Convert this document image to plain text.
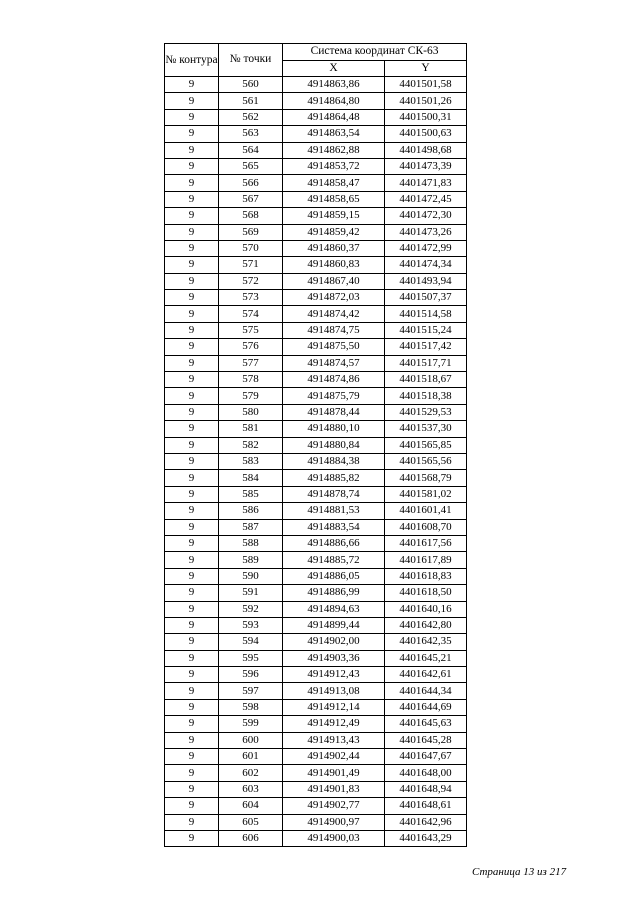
№ контура	№ точки	Система координат СК-63	
		X	Y
9	560	4914863,86	4401501,58
9	561	4914864,80	4401501,26
9	562	4914864,48	4401500,31
9	563	4914863,54	4401500,63
9	564	4914862,88	4401498,68
9	565	4914853,72	4401473,39
9	566	4914858,47	4401471,83
9	567	4914858,65	4401472,45
9	568	4914859,15	4401472,30
9	569	4914859,42	4401473,26
9	570	4914860,37	4401472,99
9	571	4914860,83	4401474,34
9	572	4914867,40	4401493,94
9	573	4914872,03	4401507,37
9	574	4914874,42	4401514,58
9	575	4914874,75	4401515,24
9	576	4914875,50	4401517,42
9	577	4914874,57	4401517,71
9	578	4914874,86	4401518,67
9	579	4914875,79	4401518,38
9	580	4914878,44	4401529,53
9	581	4914880,10	4401537,30
9	582	4914880,84	4401565,85
9	583	4914884,38	4401565,56
9	584	4914885,82	4401568,79
9	585	4914878,74	4401581,02
9	586	4914881,53	4401601,41
9	587	4914883,54	4401608,70
9	588	4914886,66	4401617,56
9	589	4914885,72	4401617,89
9	590	4914886,05	4401618,83
9	591	4914886,99	4401618,50
9	592	4914894,63	4401640,16
9	593	4914899,44	4401642,80
9	594	4914902,00	4401642,35
9	595	4914903,36	4401645,21
9	596	4914912,43	4401642,61
9	597	4914913,08	4401644,34
9	598	4914912,14	4401644,69
9	599	4914912,49	4401645,63
9	600	4914913,43	4401645,28
9	601	4914902,44	4401647,67
9	602	4914901,49	4401648,00
9	603	4914901,83	4401648,94
9	604	4914902,77	4401648,61
9	605	4914900,97	4401642,96
9	606	4914900,03	4401643,29
Страница 13 из 217
